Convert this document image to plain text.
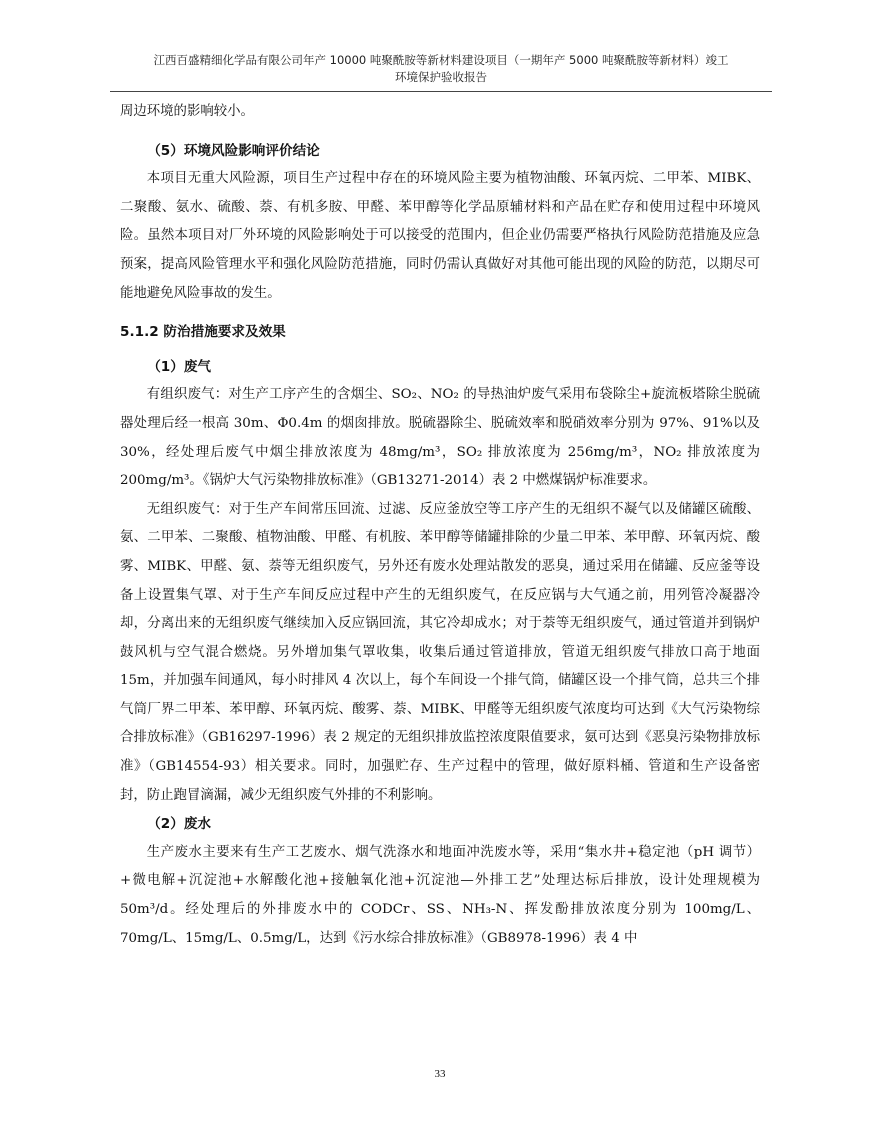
江西百盛精细化学品有限公司年产 10000 吨聚酰胺等新材料建设项目（一期年产 5000 吨聚酰胺等新材料）竣工
环境保护验收报告

周边环境的影响较小。

（5）环境风险影响评价结论

本项目无重大风险源，项目生产过程中存在的环境风险主要为植物油酸、环氧丙烷、二甲苯、MIBK、二聚酸、氨水、硫酸、萘、有机多胺、甲醛、苯甲醇等化学品原辅材料和产品在贮存和使用过程中环境风险。虽然本项目对厂外环境的风险影响处于可以接受的范围内，但企业仍需要严格执行风险防范措施及应急预案，提高风险管理水平和强化风险防范措施，同时仍需认真做好对其他可能出现的风险的防范，以期尽可能地避免风险事故的发生。

5.1.2 防治措施要求及效果

（1）废气

有组织废气：对生产工序产生的含烟尘、SO₂、NO₂ 的导热油炉废气采用布袋除尘+旋流板塔除尘脱硫器处理后经一根高 30m、Φ0.4m 的烟囱排放。脱硫器除尘、脱硫效率和脱硝效率分别为 97%、91%以及 30%，经处理后废气中烟尘排放浓度为 48mg/m³，SO₂ 排放浓度为 256mg/m³，NO₂ 排放浓度为 200mg/m³。《锅炉大气污染物排放标准》（GB13271-2014）表 2 中燃煤锅炉标准要求。

无组织废气：对于生产车间常压回流、过滤、反应釜放空等工序产生的无组织不凝气以及储罐区硫酸、氨、二甲苯、二聚酸、植物油酸、甲醛、有机胺、苯甲醇等储罐排除的少量二甲苯、苯甲醇、环氧丙烷、酸雾、MIBK、甲醛、氨、萘等无组织废气，另外还有废水处理站散发的恶臭，通过采用在储罐、反应釜等设备上设置集气罩、对于生产车间反应过程中产生的无组织废气，在反应锅与大气通之前，用列管冷凝器冷却，分离出来的无组织废气继续加入反应锅回流，其它冷却成水；对于萘等无组织废气，通过管道并到锅炉鼓风机与空气混合燃烧。另外增加集气罩收集，收集后通过管道排放，管道无组织废气排放口高于地面 15m，并加强车间通风，每小时排风 4 次以上，每个车间设一个排气筒，储罐区设一个排气筒，总共三个排气筒厂界二甲苯、苯甲醇、环氧丙烷、酸雾、萘、MIBK、甲醛等无组织废气浓度均可达到《大气污染物综合排放标准》（GB16297-1996）表 2 规定的无组织排放监控浓度限值要求，氨可达到《恶臭污染物排放标准》（GB14554-93）相关要求。同时，加强贮存、生产过程中的管理，做好原料桶、管道和生产设备密封，防止跑冒滴漏，减少无组织废气外排的不利影响。

（2）废水

生产废水主要来有生产工艺废水、烟气洗涤水和地面冲洗废水等，采用“集水井+稳定池（pH 调节）+微电解+沉淀池+水解酸化池+接触氧化池+沉淀池—外排工艺”处理达标后排放，设计处理规模为 50m³/d。经处理后的外排废水中的 CODCr、SS、NH₃-N、挥发酚排放浓度分别为 100mg/L、70mg/L、15mg/L、0.5mg/L，达到《污水综合排放标准》（GB8978-1996）表 4 中

33
